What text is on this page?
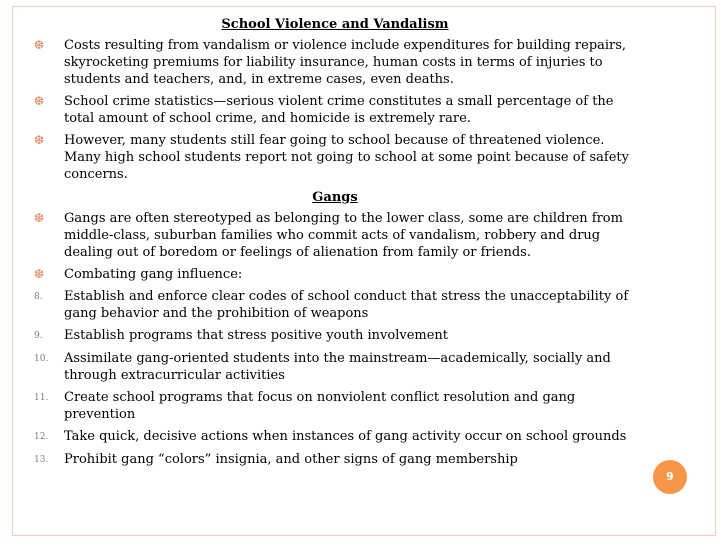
School Violence and Vandalism
❆	Costs resulting from vandalism or violence include expenditures for building repairs, skyrocketing premiums for liability insurance, human costs in terms of injuries to students and teachers, and, in extreme cases, even deaths.
❆	School crime statistics—serious violent crime constitutes a small percentage of the total amount of school crime, and homicide is extremely rare.
❆	However, many students still fear going to school because of threatened violence. Many high school students report not going to school at some point because of safety concerns.
Gangs
❆	Gangs are often stereotyped as belonging to the lower class, some are children from middle-class, suburban families who commit acts of vandalism, robbery and drug dealing out of boredom or feelings of alienation from family or friends.
❆	Combating gang influence:
8.	Establish and enforce clear codes of school conduct that stress the unacceptability of gang behavior and the prohibition of weapons
9.	Establish programs that stress positive youth involvement
10.	Assimilate gang-oriented students into the mainstream—academically, socially and through extracurricular activities
11.	Create school programs that focus on nonviolent conflict resolution and gang prevention
12.	Take quick, decisive actions when instances of gang activity occur on school grounds
13.	Prohibit gang “colors” insignia, and other signs of gang membership
9
